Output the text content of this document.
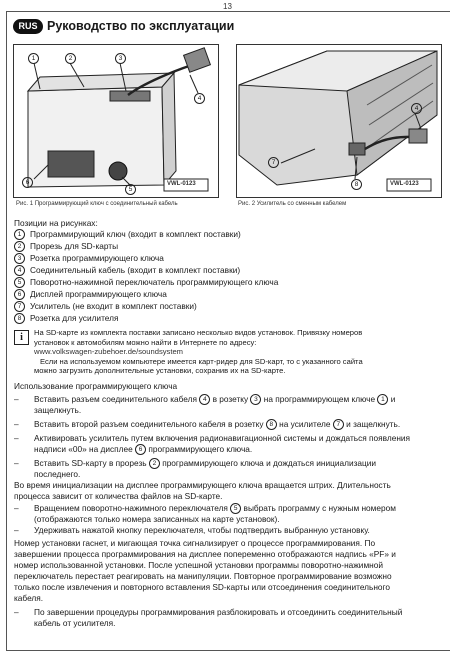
13
RUS Руководство по эксплуатации
1	2	3
4
5
6	VWL-0123
Рис. 1 Программирующий ключ с соединительный кабель
4
7
8	VWL-0123
Рис. 2 Усилитель со сменным кабелем
Позиции на рисунках:
1 Программирующий ключ (входит в комплект поставки)
2 Прорезь для SD-карты
3 Розетка программирующего ключа
4 Соединительный кабель (входит в комплект поставки)
5 Поворотно-нажимной переключатель программирующего ключа
6 Дисплей программирующего ключа
7 Усилитель (не входит в комплект поставки)
8 Розетка для усилителя
i	На SD-карте из комплекта поставки записано несколько видов установок. Привязку номеров
установок к автомобилям можно найти в Интернете по адресу:
www.volkswagen-zubehoer.de/soundsystem
Если на используемом компьютере имеется карт-ридер для SD-карт, то с указанного сайта
можно загрузить дополнительные установки, сохранив их на SD-карте.
Использование программирующего ключа
– Вставить разъем соединительного кабеля 4 в розетку 3 на программирующем ключе 1 и
защелкнуть.
– Вставить второй разъем соединительного кабеля в розетку 8 на усилителе 7 и защелкнуть.
– Активировать усилитель путем включения радионавигационной системы и дождаться появления
надписи «00» на дисплее 6 программирующего ключа.
– Вставить SD-карту в прорезь 2 программирующего ключа и дождаться инициализации
последнего.
Во время инициализации на дисплее программирующего ключа вращается штрих. Длительность
процесса зависит от количества файлов на SD-карте.
– Вращением поворотно-нажимного переключателя 5 выбрать программу с нужным номером
(отображаются только номера записанных на карте установок).
– Удерживать нажатой кнопку переключателя, чтобы подтвердить выбранную установку.
Номер установки гаснет, и мигающая точка сигнализирует о процессе программирования. По
завершении процесса программирования на дисплее попеременно отображаются надпись «PF» и
номер использованной установки. После успешной установки программы поворотно-нажимной
переключатель перестает реагировать на манипуляции. Повторное программирование возможно
только после извлечения и повторного вставления SD-карты или отсоединения соединительного
кабеля.
– По завершении процедуры программирования разблокировать и отсоединить соединительный
кабель от усилителя.
